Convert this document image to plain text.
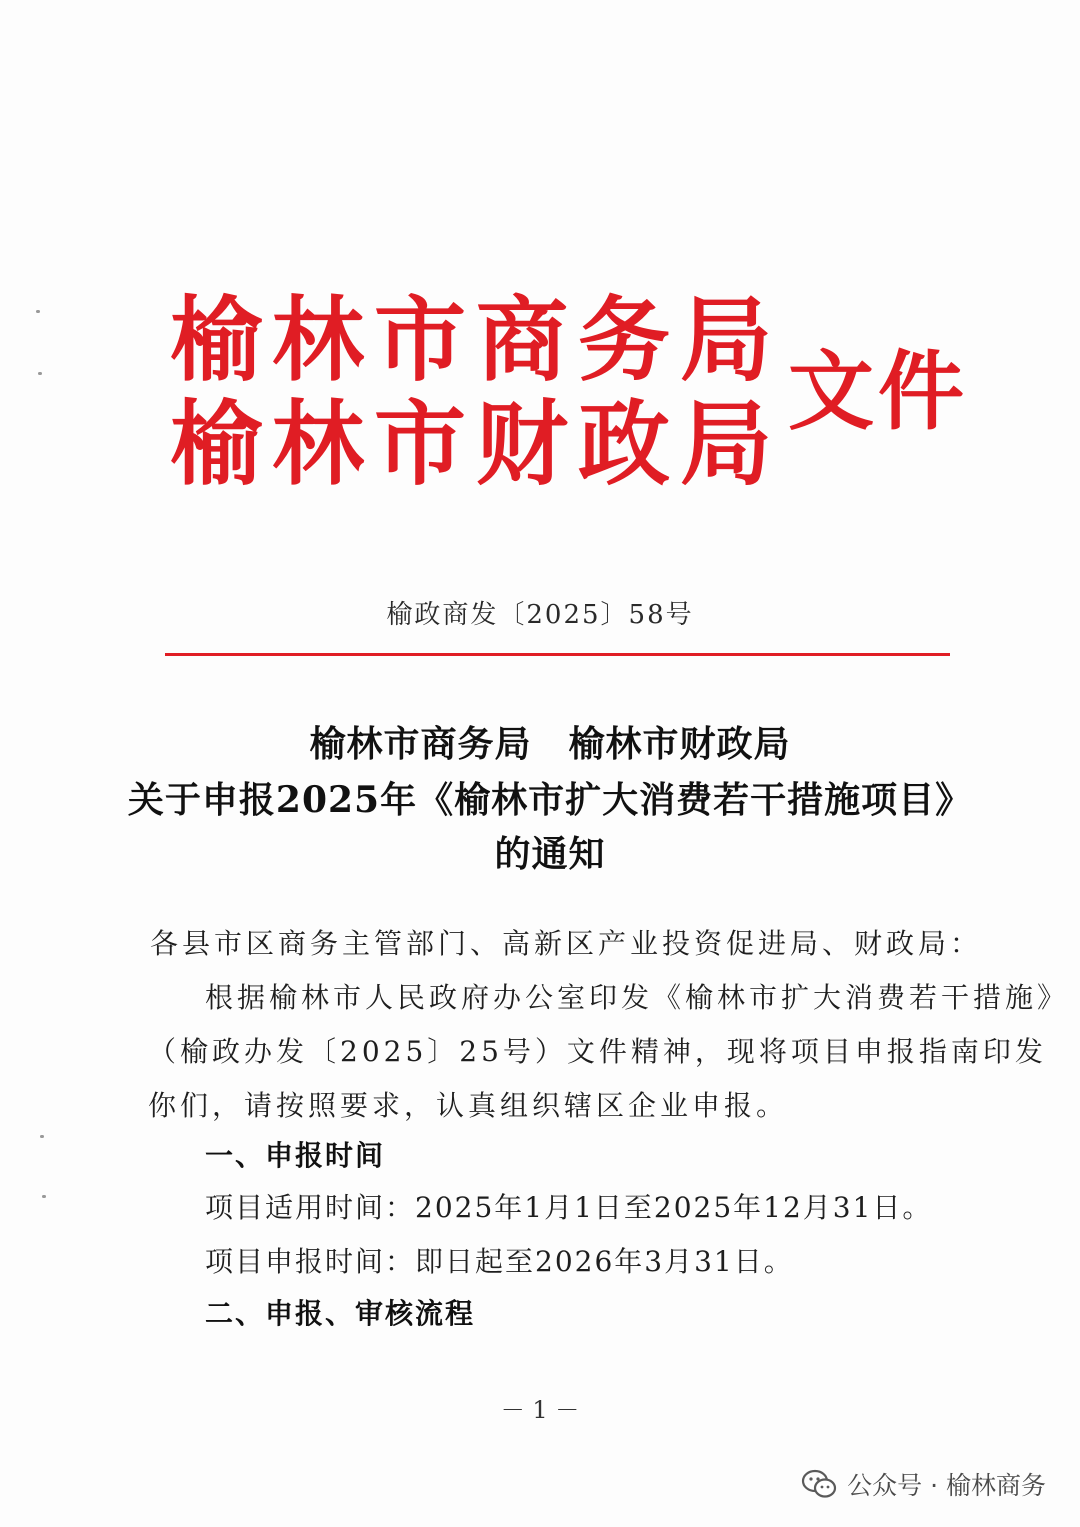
榆林市商务局
榆林市财政局 文件
榆政商发〔2025〕58号
榆林市商务局　榆林市财政局
关于申报2025年《榆林市扩大消费若干措施项目》
的通知
各县市区商务主管部门、高新区产业投资促进局、财政局：
根据榆林市人民政府办公室印发《榆林市扩大消费若干措施》
（榆政办发〔2025〕25号）文件精神，现将项目申报指南印发
你们，请按照要求，认真组织辖区企业申报。
一、申报时间
项目适用时间：2025年1月1日至2025年12月31日。
项目申报时间：即日起至2026年3月31日。
二、申报、审核流程
－ 1 －
公众号 · 榆林商务
